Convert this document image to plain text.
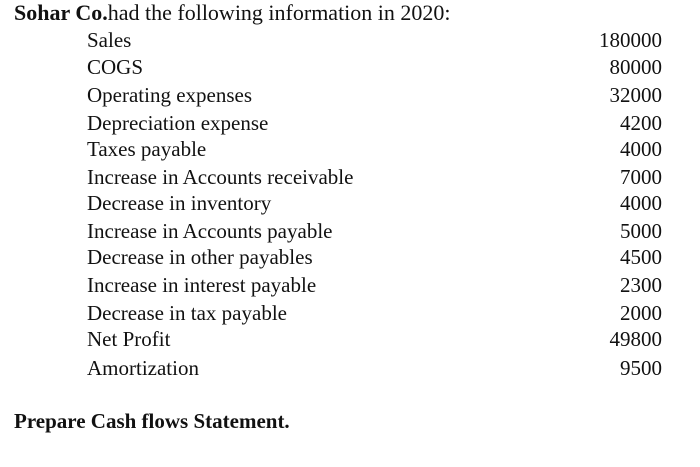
Sohar Co.had the following information in 2020:
Sales	180000
COGS	80000
Operating expenses	32000
Depreciation expense	4200
Taxes payable	4000
Increase in Accounts receivable	7000
Decrease in inventory	4000
Increase in Accounts payable	5000
Decrease in other payables	4500
Increase in interest payable	2300
Decrease in tax payable	2000
Net Profit	49800
Amortization	9500
Prepare Cash flows Statement.
